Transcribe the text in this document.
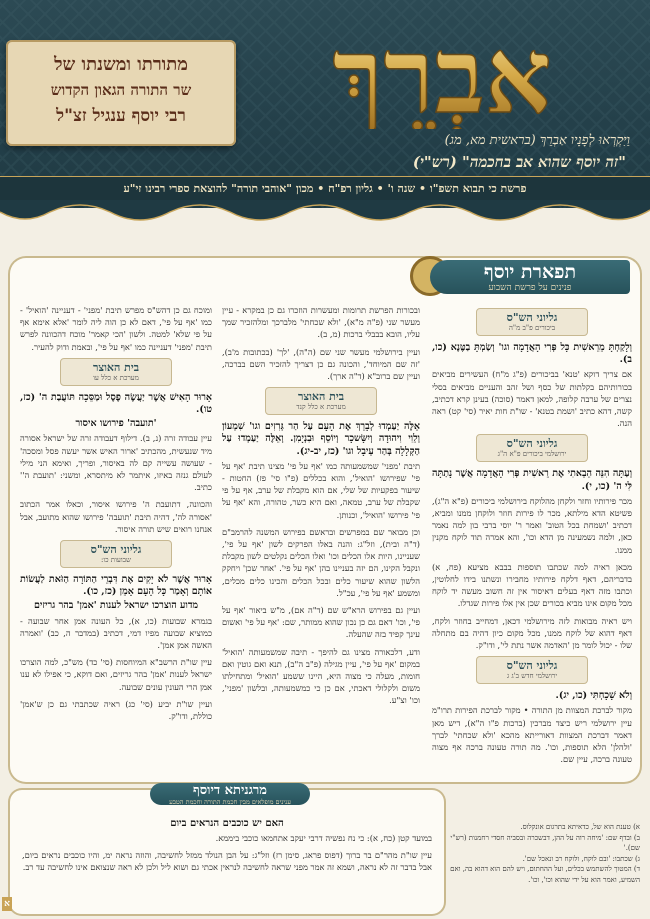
מתורתו ומשנתו של
שר התורה הגאון הקדוש
רבי יוסף ענגיל זצ"ל	אבְרֵךְ
וַיִּקְרְאוּ לְפָנָיו אַבְרֵךְ (בראשית מא, מג)
"זה יוסף שהוא אב בחכמה" (רש"י)
פרשת כי תבוא תשפ"ו • שנה ו' • גליון רפ"ח • מכון "אוהבי תורה" להוצאת ספרי רבינו זי"ע
תפארת יוסף
פנינים על פרשת השבוע
גליוני הש"ס
ביכורים פ"ב מ"ה

וְלָקַחְתָּ מֵרֵאשִׁית כָּל פְּרִי הָאֲדָמָה וגו' וְשַׂמְתָּ בַטֶּנֶא (כו, ב).

אם צריך דוקא 'טנא' בביכורים (פ"ג מ"ח) העשירים מביאים בכורותיהם בקלתות של כסף ושל זהב והעניים מביאים בסלי נצרים של ערבה קלופה, למאן דאמר (סוכה) בעינן קרא דכתיב, קשה, דהא כתיב 'ושמת בטנא' - שו"ת חות יאיר (סי' קט) ראה הנה.

גליוני הש"ס
ירושלמי ביכורים פ"א ה"ג

וְעַתָּה הִנֵּה הֵבֵאתִי אֶת רֵאשִׁית פְּרִי הָאֲדָמָה אֲשֶׁר נָתַתָּה לִּי ה' (כו, י).

מכר פירותיו וחזר ולקחן מהלוקח בירושלמי ביכורים (פ"א ה"ג), פשיטא הדא מילתא, מכר לו פירות חוזר ולוקחן ממנו ומביא, דכתיב 'ושמחת בכל הטוב' ואמר ר' יוסי ברבי בון למה נאמר כאן, ולמה נשמעינה מן הדא וכו', והא אמרה תוד לוקח מקנין ממנו.

מכאן ראיה למה שכתבו תוספות בבבא מציעא (פח, א) בדבריהם, דאף דלקח פירותיו מחבירו ונשתנו בידו לחלוטין, וכתבו מזה דאף בעלים דאיסור אין זה חשוב מעשה יד לוקח מכל מקום אינו מביא בכורים שכן אין אלו פירות שגדלו.

ויש ראיה מבואות לזה מירושלמי דכאן, דמחייב בחוזר ולקח, דאף דהוא של לוקח ממנו, מכל מקום כיון דהיה בם מתחלה שלו - יכול לומר מן 'האדמה אשר נתת לי', ודו"ק.

גליוני הש"ס
ירושלמי חדש ב'ג ג

וְלֹא שָׁכָחְתִּי (כו, יג).

מקור לברכת המצוות מן התורה • מקור לברכת הפירות תרו"מ עיין ירושלמי ריש כיצד מברכין (ברכות פ"ו ה"א), דיש מאן דאמר דברכת המצוות דאורייתא מהכא 'ולא שכחתי' לברך 'ולהלן' הלא תוספות, וכו'. מה תורה טעונה ברכה אף מצוה טעונה ברכה, עיין שם.

ובכורות הפרשת תרומות ומעשרות הוזכרו גם כן במקרא - עיין מעשר שני (פ"ה מ"א), 'ולא שכחתי' מלברכך ומלהזכיר שמך עליו, הובא בבבלי ברכות (מ, ב).

ועיין בירושלמי מעשר שני שם (ה"ה), 'לך' (בכתובות מ'ב), 'זה שם המיוחד', והכונה גם כן דצריך להזכיר השם בברכה, ועיין שם ברוב"א (ד"ה ארך).

בית האוצר
מערכת א כלל קנד

אֵלֶּה יַעַמְדוּ לְבָרֵךְ אֶת הָעָם עַל הַר גְּרִזִים וגו' שִׁמְעוֹן וְלֵוִי וִיהוּדָה וְיִשָּׂשכָר וְיוֹסֵף וּבִנְיָמִן. וְאֵלֶּה יַעַמְדוּ עַל הַקְּלָלָה בְּהַר עֵיבָל וגו' (כז, יב-יג).

תיבת 'מפני' שמשמעותה כמו 'אף על פי' מצינו תיבת 'אף על פי' שפירושו 'הואיל', והוא בכללים (פ"ו סי' פז) החטות - שיעור בפקעיות של שלי, אם הוא מקבלת של ערב, אף על פי שקבלת של ערב, טמאה, ואם היא כשר, טהורה, והא 'אף על פי' פירושו 'הואיל', וכנותן.

וכן מבואר שם במפרשים ובראשם בפירוש המשנה להרמב"ם (ד"ה ובית), וזל"ג: והנה באלו הפרקים לשון 'אף על פי', שעניינו, היות אלו הכלים וכו' ואלו הכלים נקלטים לשון מקבלת ונקבל הקינו, הם יזה בעניינו בהן 'אף על פי'. 'אחר שכן' ויחקק הלשון שהוא שיעור כלים ובכל הכלים והכינו כלים מכלים, ומשמע 'אף על פי', עכ"ל.

ועיין גם בפירוש הרא"ש שם (ד"ה אם), מ"ש ביאור 'אף על פי', וכו' דאם גם כן נכון שהוא ממותר, שם: 'אף על פי' ואשום עינך קפיד בזה שהעלה.

ודע, דלכאורה מצינו גם להיפך - תיבה שמשמעותה 'הואיל' במקום 'אף על פי', עיין מגילה (פ"ב ה"ב), תנא ואם גוטין ואם חומות, מעלה כי מצוה היא, היינו ששמע 'הואיל' ומתחילתו משום ולקלולי דאכתי, אם כן כי כמשמעותה, ובלשון 'מפני', וכו' וצ"ע.

ומוכח גם כן דהש"ס מפרש תיבת 'מפני' - דעניינה 'הואיל' - כמו 'אף על פי', דאם לא כן הוה ליה לומר 'אלא אימא אף על פי שלא' למטה. ולשון 'הכי קאמר' מוכח דהכוונה לפרש תיבת 'מפני' דעניינה כמו 'אף על פי', ובאמת ודוק להעיר.

בית האוצר
מערכת א כלל עו

אָרוּר הָאִישׁ אֲשֶׁר יַעֲשֶׂה פֶסֶל וּמַסֵּכָה תּוֹעֲבַת ה' (כז, טו).

'תועבה' פירושו איסור

עיין עבודה זרה (נ, ב). דילוף דעבודה זרה של ישראל אסורה מיד שנעשית, מהכתיב 'ארור האיש אשר יעשה פסל ומסכה' - שעושה עשייה קם לה באיסור, ופריך, ואימא הני מילי לעולם גנזה באיזו, איתמר לא מיתסרא, ומשני: 'תועבת ה'' כתיב.

והכוונה, דתועבת ה' פירושו איסור, וכאלו אמר הכתוב 'אסורה לה', דהיה תיבת 'תועבה' פירושו שהוא מתועב, אבל אנחנו רואים שיש תורה איסור.

גליוני הש"ס
שבועות כו:

אָרוּר אֲשֶׁר לֹא יָקִים אֶת דִּבְרֵי הַתּוֹרָה הַזֹּאת לַעֲשׂוֹת אוֹתָם וְאָמַר כָּל הָעָם אָמֵן (כז, כו).

מדוע הוצרכו ישראל לענות 'אמן' בהר גריזים

בגמרא שבועות (כו, א), כל העונה אמן אחר שבועה - כמוציא שבועה מפיו דמי, דכתיב (במדבר ה, כב) 'ואמרה האשה אמן אמן'.

עיין שו"ת הרשב"א המיוחסות (סי' כד) מש"כ, למה הוצרכו ישראל לענות 'אמן' בהר גריזים, ואם דוקא, כי אפילו לא ענו אמן הרי העונין עונים שבועה.

ועיין שו"ת יביע (סי' כג) ראיה שכתבתי גם כן ש'אמן' כוללת, ודו"ק.

האם יש כוכבים הנראים ביום

במועד קטן (כח, א): כי נח נפשיה דרבי יעקב אתחמאו כוכבי ביממא.

עיין שו"ת מהר"ם בר ברוך (דפוס פראג, סימן רז) וזל"ג: על הבן הנולד ממזל לחשיבה, והוזה נראה ימ, והיו כוכבים נראים ביום, אבל בדבר זה לא נראה, ושמא זה אמר מפני שראה לחשיבה לנראין אכתי גם ושוא ליל ולכן לא ראה שנצואם אינו לחשיבה עד רב.

מרגניתא דיוסף
ענינים מופלאים מבין חכמת התורה וחכמת הטבע
א) טענת הוא של, כדאיתא בתרגום אונקלוס.
ב) ובדף שם: 'מיחה רוה על ההן, דבשכרה ובסביה חסדי רחמנות (רש"י שם).'
ג) שכתבו: 'ובם לוקח, ולוקח רב ונאכל שם'.
ד) המטוך להשתמש בכלים, ועל ההחתום, ויש להם הוא דהוא בה, ואם השמיע, ואמר הוא על ידי שהוא וכו', וכו'.
א
